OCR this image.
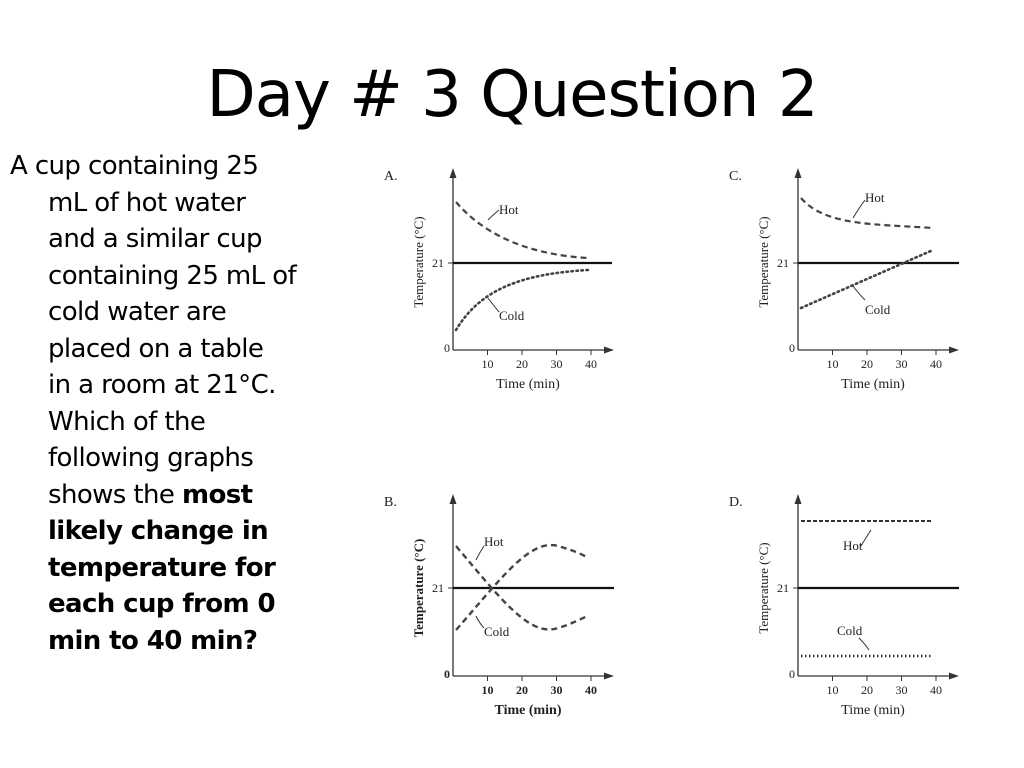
Day # 3 Question 2
A cup containing 25
mL of hot water
and a similar cup
containing 25 mL of
cold water are
placed on a table
in a room at 21°C.
Which of the
following graphs
shows the most
likely change in
temperature for
each cup from 0
min to 40 min?
A.
21
0
10 20 30 40
Hot
Cold
Temperature (°C)
Time (min)
C.
21
0
10 20 30 40
Hot
Cold
Temperature (°C)
Time (min)
B.
21
0
10 20 30 40
Hot
Cold
Temperature (°C)
Time (min)
D.
21
0
10 20 30 40
Hot
Cold
Temperature (°C)
Time (min)
